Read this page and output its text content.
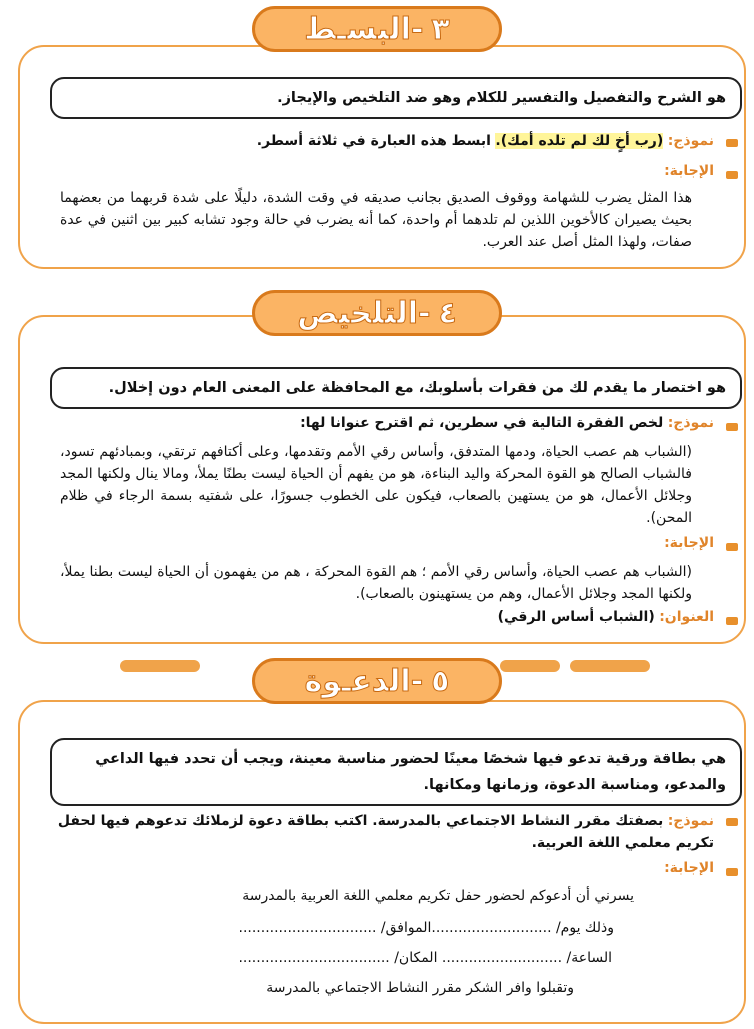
هو الشرح والتفصيل والتفسير للكلام وهو ضد التلخيص والإيجاز.
نموذج: (رب أخٍ لك لم تلده أمك). ابسط هذه العبارة في ثلاثة أسطر.
الإجابة:
هذا المثل يضرب للشهامة ووقوف الصديق بجانب صديقه في وقت الشدة، دليلًا على شدة قربهما من بعضهما بحيث يصيران كالأخوين اللذين لم تلدهما أم واحدة، كما أنه يضرب في حالة وجود تشابه كبير بين اثنين في عدة صفات، ولهذا المثل أصل عند العرب.
٣
-
البسـط
هو اختصار ما يقدم لك من فقرات بأسلوبك، مع المحافظة على المعنى العام دون إخلال.
نموذج: لخص الفقرة التالية في سطرين، ثم اقترح عنوانا لها:
(الشباب هم عصب الحياة، ودمها المتدفق، وأساس رقي الأمم وتقدمها، وعلى أكتافهم ترتقي، وبمبادئهم تسود، فالشباب الصالح هو القوة المحركة واليد البناءة، هو من يفهم أن الحياة ليست بطنًا يملأ، ومالا ينال ولكنها المجد وجلائل الأعمال، هو من يستهين بالصعاب، فيكون على الخطوب جسورًا، على شفتيه بسمة الرجاء في ظلام المحن).
الإجابة:
(الشباب هم عصب الحياة، وأساس رقي الأمم ؛ هم القوة المحركة ، هم من يفهمون أن الحياة ليست بطنا يملأ، ولكنها المجد وجلائل الأعمال، وهم من يستهينون بالصعاب).
العنوان: (الشباب أساس الرقي)
٤
-
التلخيص
هي بطاقة ورقية تدعو فيها شخصًا معينًا لحضور مناسبة معينة، ويجب أن تحدد فيها الداعي والمدعو، ومناسبة الدعوة، وزمانها ومكانها.
نموذج: بصفتك مقرر النشاط الاجتماعي بالمدرسة. اكتب بطاقة دعوة لزملائك تدعوهم فيها لحفل تكريم معلمي اللغة العربية.
الإجابة:
يسرني أن أدعوكم لحضور حفل تكريم معلمي اللغة العربية بالمدرسة
وذلك يوم/ ...........................الموافق/ ...............................
الساعة/ ........................... المكان/ ..................................
وتقبلوا وافر الشكر مقرر النشاط الاجتماعي بالمدرسة
٥
-
الدعـوة
